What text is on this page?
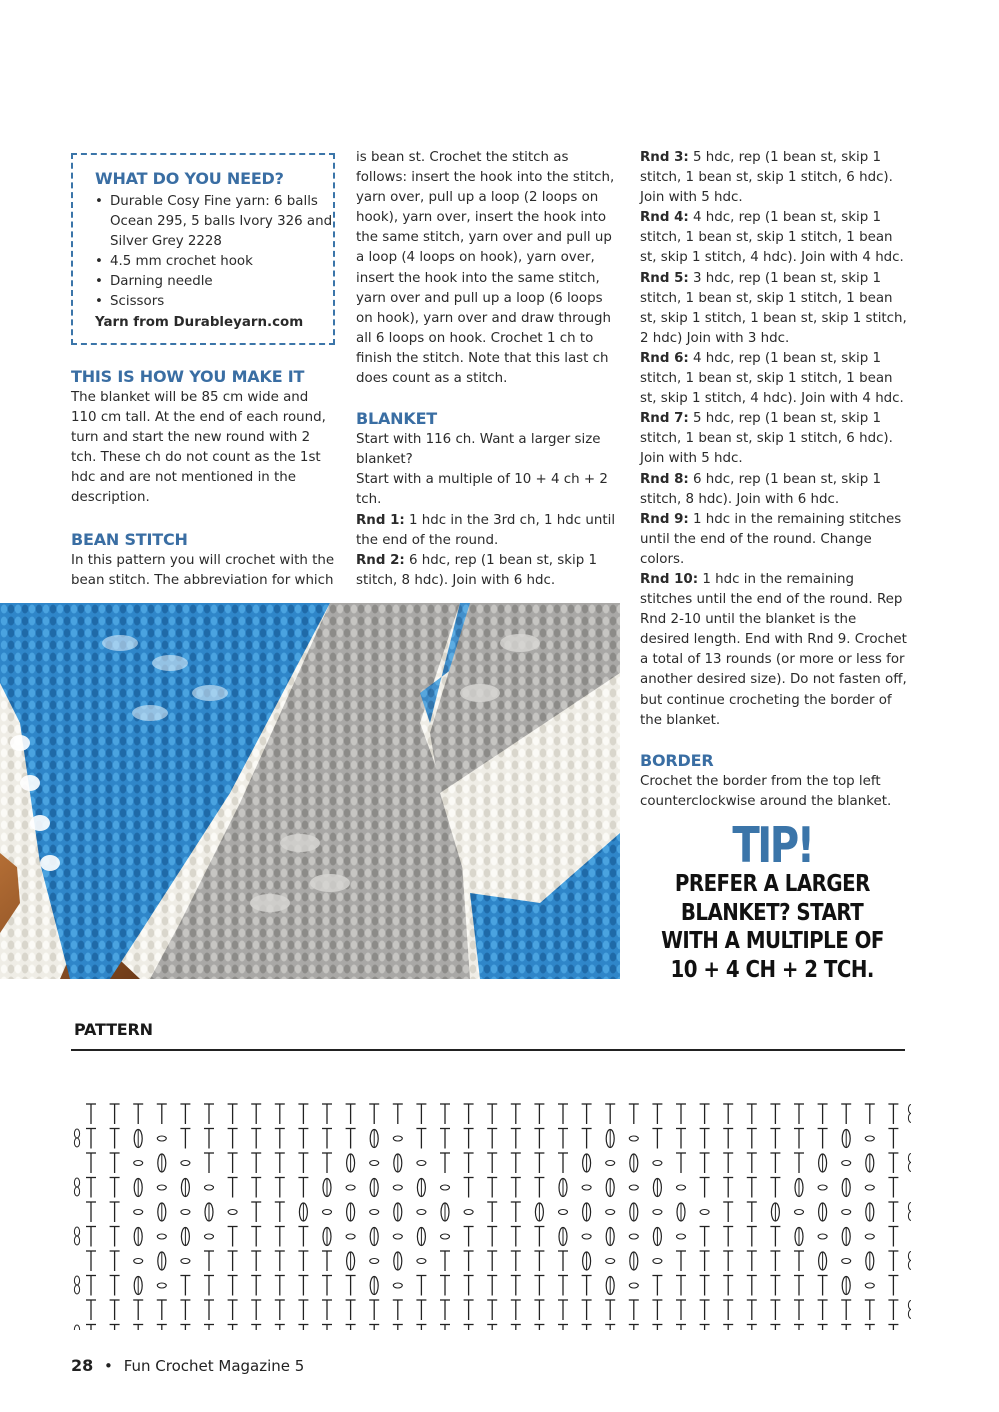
WHAT DO YOU NEED?
• Durable Cosy Fine yarn: 6 balls Ocean 295, 5 balls Ivory 326 and Silver Grey 2228
• 4.5 mm crochet hook
• Darning needle
• Scissors
Yarn from Durableyarn.com
THIS IS HOW YOU MAKE IT

The blanket will be 85 cm wide and 110 cm tall. At the end of each round, turn and start the new round with 2 tch. These ch do not count as the 1st hdc and are not mentioned in the description.

BEAN STITCH

In this pattern you will crochet with the bean stitch. The abbreviation for which

is bean st. Crochet the stitch as follows: insert the hook into the stitch, yarn over, pull up a loop (2 loops on hook), yarn over, insert the hook into the same stitch, yarn over and pull up a loop (4 loops on hook), yarn over, insert the hook into the same stitch, yarn over and pull up a loop (6 loops on hook), yarn over and draw through all 6 loops on hook. Crochet 1 ch to finish the stitch. Note that this last ch does count as a stitch.

BLANKET

Start with 116 ch. Want a larger size blanket?

Start with a multiple of 10 + 4 ch + 2 tch.

Rnd 1: 1 hdc in the 3rd ch, 1 hdc until the end of the round.

Rnd 2: 6 hdc, rep (1 bean st, skip 1 stitch, 8 hdc). Join with 6 hdc.

Rnd 3: 5 hdc, rep (1 bean st, skip 1 stitch, 1 bean st, skip 1 stitch, 6 hdc). Join with 5 hdc.

Rnd 4: 4 hdc, rep (1 bean st, skip 1 stitch, 1 bean st, skip 1 stitch, 1 bean st, skip 1 stitch, 4 hdc). Join with 4 hdc.

Rnd 5: 3 hdc, rep (1 bean st, skip 1 stitch, 1 bean st, skip 1 stitch, 1 bean st, skip 1 stitch, 1 bean st, skip 1 stitch, 2 hdc) Join with 3 hdc.

Rnd 6: 4 hdc, rep (1 bean st, skip 1 stitch, 1 bean st, skip 1 stitch, 1 bean st, skip 1 stitch, 4 hdc). Join with 4 hdc.

Rnd 7: 5 hdc, rep (1 bean st, skip 1 stitch, 1 bean st, skip 1 stitch, 6 hdc). Join with 5 hdc.

Rnd 8: 6 hdc, rep (1 bean st, skip 1 stitch, 8 hdc). Join with 6 hdc.

Rnd 9: 1 hdc in the remaining stitches until the end of the round. Change colors.

Rnd 10: 1 hdc in the remaining stitches until the end of the round. Rep Rnd 2-10 until the blanket is the desired length. End with Rnd 9. Crochet a total of 13 rounds (or more or less for another desired size). Do not fasten off, but continue crocheting the border of the blanket.

BORDER

Crochet the border from the top left counterclockwise around the blanket.

TIP!
PREFER A LARGER
BLANKET? START
WITH A MULTIPLE OF
10 + 4 CH + 2 TCH.
PATTERN
28 • Fun Crochet Magazine 5
